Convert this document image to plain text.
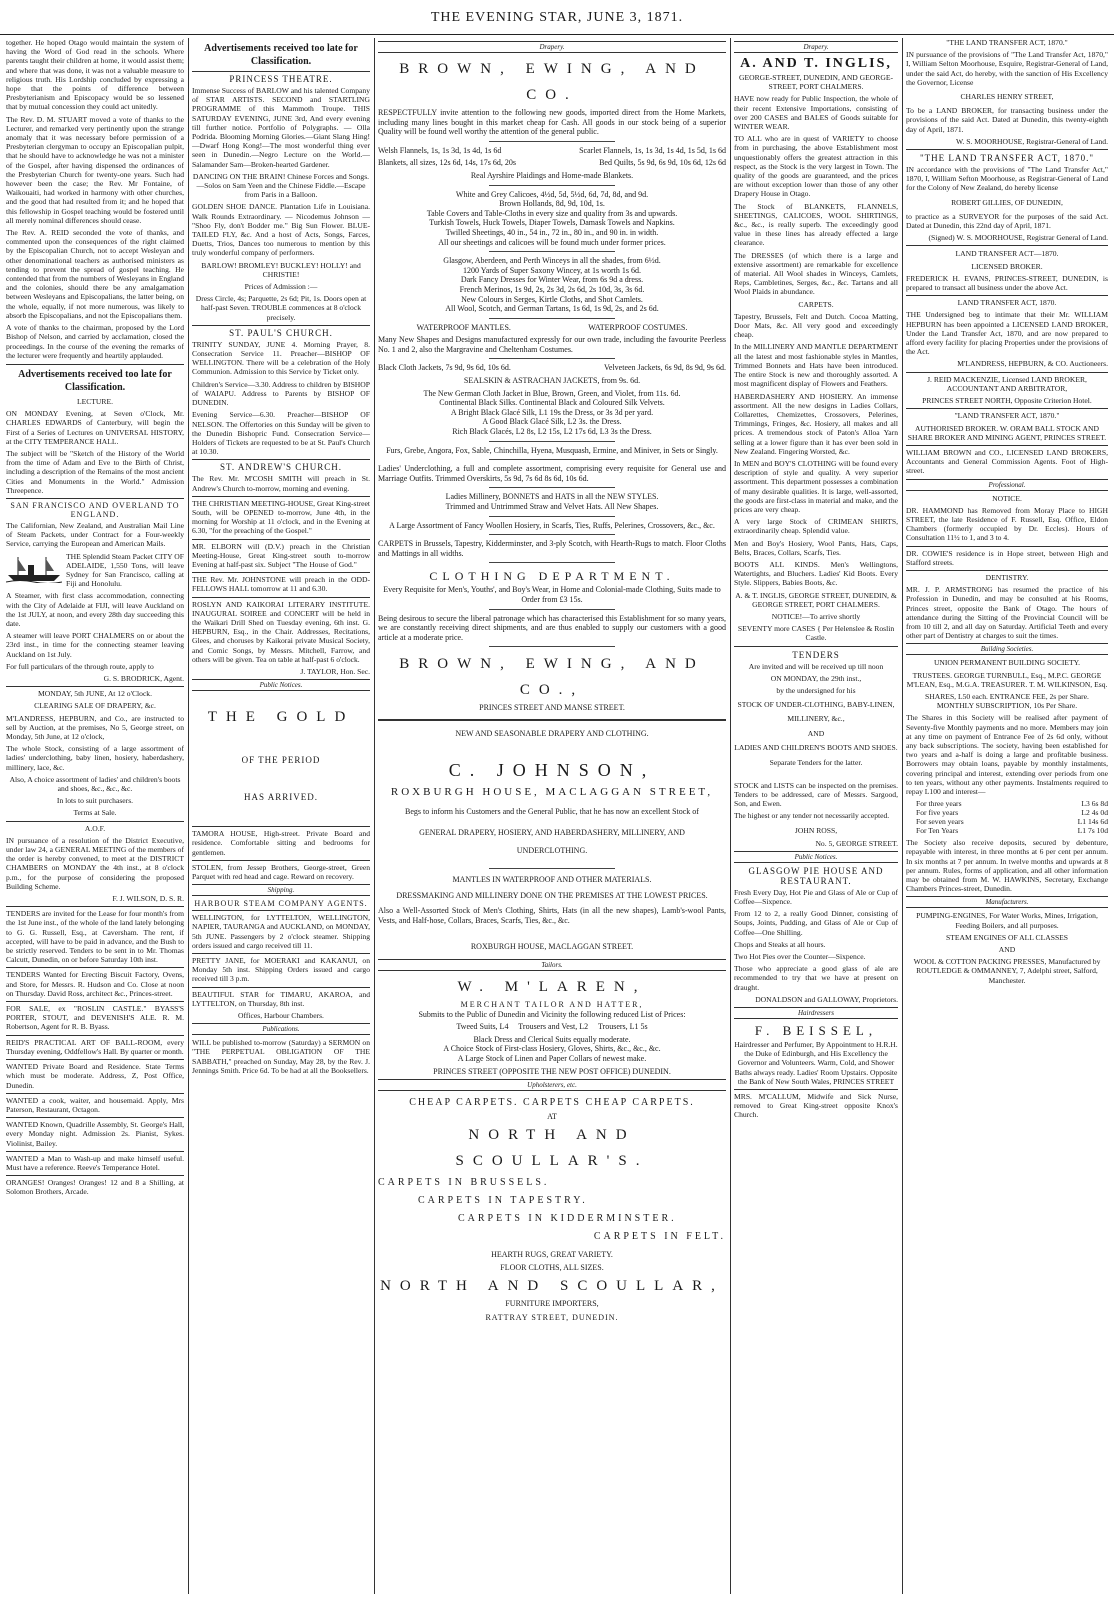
THE EVENING STAR, JUNE 3, 1871.

together. He hoped Otago would maintain the system of having the Word of God read in the schools. Where parents taught their children at home, it would assist them; and where that was done, it was not a valuable measure to religious truth. His Lordship concluded by expressing a hope that the points of difference between Presbyterianism and Episcopacy would be so lessened that by mutual concession they could act unitedly.

The Rev. D. M. STUART moved a vote of thanks to the Lecturer, and remarked very pertinently upon the strange anomaly that it was necessary before permission of a Presbyterian clergyman to occupy an Episcopalian pulpit, that he should have to acknowledge he was not a minister of the Gospel, after having dispensed the ordinances of the Presbyterian Church for twenty-one years. Such had however been the case; the Rev. Mr Fontaine, of Waikouaiti, had worked in harmony with other churches, and the good that had resulted from it; and he hoped that this fellowship in Gospel teaching would be fostered until all merely nominal differences should cease.

The Rev. A. REID seconded the vote of thanks, and commented upon the consequences of the right claimed by the Episcopalian Church, not to accept Wesleyan and other denominational teachers as authorised ministers as tending to prevent the spread of gospel teaching. He contended that from the numbers of Wesleyans in England and the colonies, should there be any amalgamation between Wesleyans and Episcopalians, the latter being, on the whole, equally, if not more numerous, was likely to absorb the Episcopalians, and not the Episcopalians them.

A vote of thanks to the chairman, proposed by the Lord Bishop of Nelson, and carried by acclamation, closed the proceedings. In the course of the evening the remarks of the lecturer were frequently and heartily applauded.

Advertisements received too late for Classification.

LECTURE.

ON MONDAY Evening, at Seven o'Clock, Mr. CHARLES EDWARDS of Canterbury, will begin the First of a Series of Lectures on UNIVERSAL HISTORY, at the CITY TEMPERANCE HALL.

The subject will be "Sketch of the History of the World from the time of Adam and Eve to the Birth of Christ, including a description of the Remains of the most ancient Cities and Monuments in the World." Admission Threepence.

SAN FRANCISCO AND OVERLAND TO ENGLAND.

The Californian, New Zealand, and Australian Mail Line of Steam Packets, under Contract for a Four-weekly Service, carrying the European and American Mails.

THE Splendid Steam Packet CITY OF ADELAIDE, 1,550 Tons, will leave Sydney for San Francisco, calling at Fiji and Honolulu.

A Steamer, with first class accommodation, connecting with the City of Adelaide at FIJI, will leave Auckland on the 1st JULY, at noon, and every 28th day succeeding this date.

A steamer will leave PORT CHALMERS on or about the 23rd inst., in time for the connecting steamer leaving Auckland on 1st July.

For full particulars of the through route, apply to

G. S. BRODRICK, Agent.

MONDAY, 5th JUNE, At 12 o'Clock.

CLEARING SALE OF DRAPERY, &c.

M'LANDRESS, HEPBURN, and Co., are instructed to sell by Auction, at the premises, No 5, George street, on Monday, 5th June, at 12 o'clock,

The whole Stock, consisting of a large assortment of ladies' underclothing, baby linen, hosiery, haberdashery, millinery, lace, &c.

Also, A choice assortment of ladies' and children's boots and shoes, &c., &c., &c.

In lots to suit purchasers.

Terms at Sale.

A.O.F.

IN pursuance of a resolution of the District Executive, under law 24, a GENERAL MEETING of the members of the order is hereby convened, to meet at the DISTRICT CHAMBERS on MONDAY the 4th inst., at 8 o'clock p.m., for the purpose of considering the proposed Building Scheme.

F. J. WILSON, D. S. R.

TENDERS are invited for the Lease for four month's from the 1st June inst., of the whole of the land lately belonging to G. G. Russell, Esq., at Caversham. The rent, if accepted, will have to be paid in advance, and the Bush to be strictly reserved. Tenders to be sent in to Mr. Thomas Calcutt, Dunedin, on or before Saturday 10th inst.

TENDERS Wanted for Erecting Biscuit Factory, Ovens, and Store, for Messrs. R. Hudson and Co. Close at noon on Thursday. David Ross, architect &c., Princes-street.

FOR SALE, ex "ROSLIN CASTLE." BYASS'S PORTER, STOUT, and DEVENISH'S ALE. R. M. Robertson, Agent for R. B. Byass.

REID'S PRACTICAL ART OF BALL-ROOM, every Thursday evening, Oddfellow's Hall. By quarter or month.

WANTED Private Board and Residence. State Terms which must be moderate. Address, Z, Post Office, Dunedin.

WANTED a cook, waiter, and housemaid. Apply, Mrs Paterson, Restaurant, Octagon.

WANTED Known, Quadrille Assembly, St. George's Hall, every Monday night. Admission 2s. Pianist, Sykes. Violinist, Bailey.

WANTED a Man to Wash-up and make himself useful. Must have a reference. Reeve's Temperance Hotel.

ORANGES! Oranges! Oranges! 12 and 8 a Shilling, at Solomon Brothers, Arcade.

Advertisements received too late for Classification.
PRINCESS THEATRE.

Immense Success of BARLOW and his talented Company of STAR ARTISTS. SECOND and STARTLING PROGRAMME of this Mammoth Troupe. THIS SATURDAY EVENING, JUNE 3rd, And every evening till further notice. Portfolio of Polygraphs. — Olla Podrida. Blooming Morning Glories.—Giant Slang Hing!—Dwarf Hong Kong!—The most wonderful thing ever seen in Dunedin.—Negro Lecture on the World.—Salamander Sam—Broken-hearted Gardener.

DANCING ON THE BRAIN! Chinese Forces and Songs.—Solos on Sam Yeen and the Chinese Fiddle.—Escape from Paris in a Balloon.

GOLDEN SHOE DANCE. Plantation Life in Louisiana. Walk Rounds Extraordinary. — Nicodemus Johnson — "Shoo Fly, don't Bodder me." Big Sun Flower. BLUE-TAILED FLY, &c. And a host of Acts, Songs, Farces, Duetts, Trios, Dances too numerous to mention by this truly wonderful company of performers.

BARLOW! BROMLEY! BUCKLEY! HOLLY! and CHRISTIE!

Prices of Admission :—

Dress Circle, 4s; Parquette, 2s 6d; Pit, 1s. Doors open at half-past Seven. TROUBLE commences at 8 o'clock precisely.

ST. PAUL'S CHURCH.

TRINITY SUNDAY, JUNE 4. Morning Prayer, 8. Consecration Service 11. Preacher—BISHOP OF WELLINGTON. There will be a celebration of the Holy Communion. Admission to this Service by Ticket only.

Children's Service—3.30. Address to children by BISHOP of WAIAPU. Address to Parents by BISHOP OF DUNEDIN.

Evening Service—6.30. Preacher—BISHOP OF NELSON. The Offertories on this Sunday will be given to the Dunedin Bishopric Fund. Consecration Service—Holders of Tickets are requested to be at St. Paul's Church at 10.30.

ST. ANDREW'S CHURCH.

The Rev. Mr. M'COSH SMITH will preach in St. Andrew's Church to-morrow, morning and evening.

THE CHRISTIAN MEETING-HOUSE, Great King-street South, will be OPENED to-morrow, June 4th, in the morning for Worship at 11 o'clock, and in the Evening at 6.30, "for the preaching of the Gospel."

MR. ELBORN will (D.V.) preach in the Christian Meeting-House, Great King-street south to-morrow Evening at half-past six. Subject "The House of God."

THE Rev. Mr. JOHNSTONE will preach in the ODD-FELLOWS HALL tomorrow at 11 and 6.30.

ROSLYN AND KAIKORAI LITERARY INSTITUTE. INAUGURAL SOIREE and CONCERT will be held in the Waikari Drill Shed on Tuesday evening, 6th inst. G. HEPBURN, Esq., in the Chair. Addresses, Recitations, Glees, and choruses by Kaikorai private Musical Society, and Comic Songs, by Messrs. Mitchell, Farrow, and others will be given. Tea on table at half-past 6 o'clock.

J. TAYLOR, Hon. Sec.

Public Notices.
THE GOLD
OF THE PERIOD
HAS ARRIVED.

TAMORA HOUSE, High-street. Private Board and residence. Comfortable sitting and bedrooms for gentlemen.

STOLEN, from Jessep Brothers, George-street, Green Parquet with red head and cage. Reward on recovery.

Shipping.
HARBOUR STEAM COMPANY AGENTS.

WELLINGTON, for LYTTELTON, WELLINGTON, NAPIER, TAURANGA and AUCKLAND, on MONDAY, 5th JUNE. Passengers by 2 o'clock steamer. Shipping orders issued and cargo received till 11.

PRETTY JANE, for MOERAKI and KAKANUI, on Monday 5th inst. Shipping Orders issued and cargo received till 3 p.m.

BEAUTIFUL STAR for TIMARU, AKAROA, and LYTTELTON, on Thursday, 8th inst.

Offices, Harbour Chambers.

Publications.

WILL be published to-morrow (Saturday) a SERMON on "THE PERPETUAL OBLIGATION OF THE SABBATH," preached on Sunday, May 28, by the Rev. J. Jennings Smith. Price 6d. To be had at all the Booksellers.

Drapery.
BROWN, EWING, AND CO.

RESPECTFULLY invite attention to the following new goods, imported direct from the Home Markets, including many lines bought in this market cheap for Cash. All goods in our stock being of a superior Quality will be found well worthy the attention of the general public.

Welsh Flannels, 1s, 1s 3d, 1s 4d, 1s 6d	Scarlet Flannels, 1s, 1s 3d, 1s 4d, 1s 5d, 1s 6d

Blankets, all sizes, 12s 6d, 14s, 17s 6d, 20s	Bed Quilts, 5s 9d, 6s 9d, 10s 6d, 12s 6d

Real Ayrshire Plaidings and Home-made Blankets.

White and Grey Calicoes, 4½d, 5d, 5½d, 6d, 7d, 8d, and 9d.
Brown Hollands, 8d, 9d, 10d, 1s.
Table Covers and Table-Cloths in every size and quality from 3s and upwards.
Turkish Towels, Huck Towels, Diaper Towels, Damask Towels and Napkins.
Twilled Sheetings, 40 in., 54 in., 72 in., 80 in., and 90 in. in width.
All our sheetings and calicoes will be found much under former prices.

Glasgow, Aberdeen, and Perth Winceys in all the shades, from 6½d.
1200 Yards of Super Saxony Wincey, at 1s worth 1s 6d.
Dark Fancy Dresses for Winter Wear, from 6s 9d a dress.
French Merinos, 1s 9d, 2s, 2s 3d, 2s 6d, 2s 10d, 3s, 3s 6d.
New Colours in Serges, Kirtle Cloths, and Shot Camlets.
All Wool, Scotch, and German Tartans, 1s 6d, 1s 9d, 2s, and 2s 6d.

WATERPROOF MANTLES.	WATERPROOF COSTUMES.

Many New Shapes and Designs manufactured expressly for our own trade, including the favourite Peerless No. 1 and 2, also the Margravine and Cheltenham Costumes.

Black Cloth Jackets, 7s 9d, 9s 6d, 10s 6d.	Velveteen Jackets, 6s 9d, 8s 9d, 9s 6d.

SEALSKIN & ASTRACHAN JACKETS, from 9s. 6d.

The New German Cloth Jacket in Blue, Brown, Green, and Violet, from 11s. 6d.
Continental Black Silks. Continental Black and Coloured Silk Velvets.
A Bright Black Glacé Silk, L1 19s the Dress, or 3s 3d per yard.
A Good Black Glacé Silk, L2 3s. the Dress.
Rich Black Glacés, L2 8s, L2 15s, L2 17s 6d, L3 3s the Dress.

Furs, Grebe, Angora, Fox, Sable, Chinchilla, Hyena, Musquash, Ermine, and Miniver, in Sets or Singly.

Ladies' Underclothing, a full and complete assortment, comprising every requisite for General use and Marriage Outfits. Trimmed Overskirts, 5s 9d, 7s 6d 8s 6d, 10s 6d.

Ladies Millinery, BONNETS and HATS in all the NEW STYLES.
Trimmed and Untrimmed Straw and Velvet Hats. All New Shapes.

A Large Assortment of Fancy Woollen Hosiery, in Scarfs, Ties, Ruffs, Pelerines, Crossovers, &c., &c.

CARPETS in Brussels, Tapestry, Kidderminster, and 3-ply Scotch, with Hearth-Rugs to match. Floor Cloths and Mattings in all widths.

CLOTHING DEPARTMENT.

Every Requisite for Men's, Youths', and Boy's Wear, in Home and Colonial-made Clothing, Suits made to Order from £3 15s.

Being desirous to secure the liberal patronage which has characterised this Establishment for so many years, we are constantly receiving direct shipments, and are thus enabled to supply our customers with a good article at a moderate price.

BROWN, EWING, AND CO.,
PRINCES STREET AND MANSE STREET.
NEW AND SEASONABLE DRAPERY AND CLOTHING.
C. JOHNSON,
ROXBURGH HOUSE, MACLAGGAN STREET,

Begs to inform his Customers and the General Public, that he has now an excellent Stock of

GENERAL DRAPERY, HOSIERY, AND HABERDASHERY, MILLINERY, AND UNDERCLOTHING.
MANTLES IN WATERPROOF AND OTHER MATERIALS.
DRESSMAKING AND MILLINERY DONE ON THE PREMISES AT THE LOWEST PRICES.

Also a Well-Assorted Stock of Men's Clothing, Shirts, Hats (in all the new shapes), Lamb's-wool Pants, Vests, and Half-hose, Collars, Braces, Scarfs, Ties, &c., &c.

ROXBURGH HOUSE, MACLAGGAN STREET.
Tailors.
W. M'LAREN,
MERCHANT TAILOR AND HATTER,

Submits to the Public of Dunedin and Vicinity the following reduced List of Prices:

Tweed Suits, L4     Trousers and Vest, L2     Trousers, L1 5s

Black Dress and Clerical Suits equally moderate.
A Choice Stock of First-class Hosiery, Gloves, Shirts, &c., &c., &c.
A Large Stock of Linen and Paper Collars of newest make.

PRINCES STREET (OPPOSITE THE NEW POST OFFICE) DUNEDIN.

Upholsterers, etc.
CHEAP CARPETS. CARPETS CHEAP CARPETS.
AT
NORTH AND SCOULLAR'S.
CARPETS IN BRUSSELS.
CARPETS IN TAPESTRY.
CARPETS IN KIDDERMINSTER.
CARPETS IN FELT.
HEARTH RUGS, GREAT VARIETY.
FLOOR CLOTHS, ALL SIZES.
NORTH AND SCOULLAR,
FURNITURE IMPORTERS,
RATTRAY STREET, DUNEDIN.
Drapery.
A. AND T. INGLIS,

GEORGE-STREET, DUNEDIN, AND GEORGE-STREET, PORT CHALMERS.

HAVE now ready for Public Inspection, the whole of their recent Extensive Importations, consisting of over 200 CASES and BALES of Goods suitable for WINTER WEAR.

TO ALL who are in quest of VARIETY to choose from in purchasing, the above Establishment most unquestionably offers the greatest attraction in this respect, as the Stock is the very largest in Town. The quality of the goods are guaranteed, and the prices are without exception lower than those of any other Drapery House in Otago.

The Stock of BLANKETS, FLANNELS, SHEETINGS, CALICOES, WOOL SHIRTINGS, &c., &c., is really superb. The exceedingly good value in these lines has already effected a large clearance.

The DRESSES (of which there is a large and extensive assortment) are remarkable for excellence of material. All Wool shades in Winceys, Camlets, Reps, Cambletines, Serges, &c., &c. Tartans and all Wool Plaids in abundance.

CARPETS.

Tapestry, Brussels, Felt and Dutch. Cocoa Matting, Door Mats, &c. All very good and exceedingly cheap.

In the MILLINERY AND MANTLE DEPARTMENT all the latest and most fashionable styles in Mantles, Trimmed Bonnets and Hats have been introduced. The entire Stock is new and thoroughly assorted. A most magnificent display of Flowers and Feathers.

HABERDASHERY AND HOSIERY. An immense assortment. All the new designs in Ladies Collars, Collarettes, Chemizettes, Crossovers, Pelerines, Trimmings, Fringes, &c. Hosiery, all makes and all prices. A tremendous stock of Paton's Alloa Yarn selling at a lower figure than it has ever been sold in New Zealand. Fingering Worsted, &c.

In MEN and BOY'S CLOTHING will be found every description of style and quality. A very superior assortment. This department possesses a combination of many desirable qualities. It is large, well-assorted, the goods are first-class in material and make, and the prices are very cheap.

A very large Stock of CRIMEAN SHIRTS, extraordinarily cheap. Splendid value.

Men and Boy's Hosiery, Wool Pants, Hats, Caps, Belts, Braces, Collars, Scarfs, Ties.

BOOTS ALL KINDS. Men's Wellingtons, Watertights, and Bluchers. Ladies' Kid Boots. Every Style. Slippers, Babies Boots, &c.

A. & T. INGLIS, GEORGE STREET, DUNEDIN, & GEORGE STREET, PORT CHALMERS.

NOTICE!—To arrive shortly

SEVENTY more CASES { Per Helenslee & Roslin Castle.

TENDERS

Are invited and will be received up till noon

ON MONDAY, the 29th inst.,

by the undersigned for his

STOCK OF UNDER-CLOTHING, BABY-LINEN, MILLINERY, &c.,

AND

LADIES AND CHILDREN'S BOOTS AND SHOES.

Separate Tenders for the latter.

STOCK and LISTS can be inspected on the premises. Tenders to be addressed, care of Messrs. Sargood, Son, and Ewen.

The highest or any tender not necessarily accepted.

JOHN ROSS,

No. 5, GEORGE STREET.

Public Notices.
GLASGOW PIE HOUSE AND RESTAURANT.

Fresh Every Day, Hot Pie and Glass of Ale or Cup of Coffee—Sixpence.

From 12 to 2, a really Good Dinner, consisting of Soups, Joints, Pudding, and Glass of Ale or Cup of Coffee—One Shilling.

Chops and Steaks at all hours.

Two Hot Pies over the Counter—Sixpence.

Those who appreciate a good glass of ale are recommended to try that we have at present on draught.

DONALDSON and GALLOWAY, Proprietors.

Hairdressers
F. BEISSEL,

Hairdresser and Perfumer, By Appointment to H.R.H. the Duke of Edinburgh, and His Excellency the Governor and Volunteers. Warm, Cold, and Shower Baths always ready. Ladies' Room Upstairs. Opposite the Bank of New South Wales, PRINCES STREET

MRS. M'CALLUM, Midwife and Sick Nurse, removed to Great King-street opposite Knox's Church.

"THE LAND TRANSFER ACT, 1870."

IN pursuance of the provisions of "The Land Transfer Act, 1870," I, William Selton Moorhouse, Esquire, Registrar-General of Land, under the said Act, do hereby, with the sanction of His Excellency the Governor, License

CHARLES HENRY STREET,

To be a LAND BROKER, for transacting business under the provisions of the said Act. Dated at Dunedin, this twenty-eighth day of April, 1871.

W. S. MOORHOUSE, Registrar-General of Land.

"THE LAND TRANSFER ACT, 1870."

IN accordance with the provisions of "The Land Transfer Act," 1870, I, William Sefton Moorhouse, as Registrar-General of Land for the Colony of New Zealand, do hereby license

ROBERT GILLIES, OF DUNEDIN,

to practice as a SURVEYOR for the purposes of the said Act. Dated at Dunedin, this 22nd day of April, 1871.

(Signed) W. S. MOORHOUSE, Registrar General of Land.

LAND TRANSFER ACT—1870.

LICENSED BROKER.

FREDERICK H. EVANS, PRINCES-STREET, DUNEDIN, is prepared to transact all business under the above Act.

LAND TRANSFER ACT, 1870.

THE Undersigned beg to intimate that their Mr. WILLIAM HEPBURN has been appointed a LICENSED LAND BROKER, Under the Land Transfer Act, 1870, and are now prepared to afford every facility for placing Properties under the provisions of the Act.

M'LANDRESS, HEPBURN, & CO. Auctioneers.

J. REID MACKENZIE, Licensed LAND BROKER, ACCOUNTANT AND ARBITRATOR,

PRINCES STREET NORTH, Opposite Criterion Hotel.

"LAND TRANSFER ACT, 1870."

AUTHORISED BROKER. W. ORAM BALL STOCK AND SHARE BROKER AND MINING AGENT, PRINCES STREET.

WILLIAM BROWN and CO., LICENSED LAND BROKERS, Accountants and General Commission Agents. Foot of High-street.

Professional.

NOTICE.

DR. HAMMOND has Removed from Moray Place to HIGH STREET, the late Residence of F. Russell, Esq. Office, Eldon Chambers (formerly occupied by Dr. Eccles). Hours of Consultation 11½ to 1, and 3 to 4.

DR. COWIE'S residence is in Hope street, between High and Stafford streets.

DENTISTRY.

MR. J. P. ARMSTRONG has resumed the practice of his Profession in Dunedin, and may be consulted at his Rooms, Princes street, opposite the Bank of Otago. The hours of attendance during the Sitting of the Provincial Council will be from 10 till 2, and all day on Saturday. Artificial Teeth and every other part of Dentistry at charges to suit the times.

Building Societies.

UNION PERMANENT BUILDING SOCIETY.

TRUSTEES. GEORGE TURNBULL, Esq., M.P.C. GEORGE M'LEAN, Esq., M.G.A. TREASURER. T. M. WILKINSON, Esq.

SHARES, L50 each. ENTRANCE FEE, 2s per Share. MONTHLY SUBSCRIPTION, 10s Per Share.

The Shares in this Society will be realised after payment of Seventy-five Monthly payments and no more. Members may join at any time on payment of Entrance Fee of 2s 6d only, without any back subscriptions. The society, having been established for two years and a-half is doing a large and profitable business. Borrowers may obtain loans, payable by monthly instalments, covering principal and interest, extending over periods from one to ten years, without any other payments. Instalments required to repay L100 and interest—

For three years	L3 6s 8d
For five years	L2 4s 0d
For seven years	L1 14s 6d
For Ten Years	L1 7s 10d

The Society also receive deposits, secured by debenture, repayable with interest, in three months at 6 per cent per annum. In six months at 7 per annum. In twelve months and upwards at 8 per annum. Rules, forms of application, and all other information may be obtained from M. W. HAWKINS, Secretary, Exchange Chambers Princes-street, Dunedin.

Manufacturers.

PUMPING-ENGINES, For Water Works, Mines, Irrigation, Feeding Boilers, and all purposes.

STEAM ENGINES OF ALL CLASSES

AND

WOOL & COTTON PACKING PRESSES, Manufactured by ROUTLEDGE & OMMANNEY, 7, Adelphi street, Salford, Manchester.
